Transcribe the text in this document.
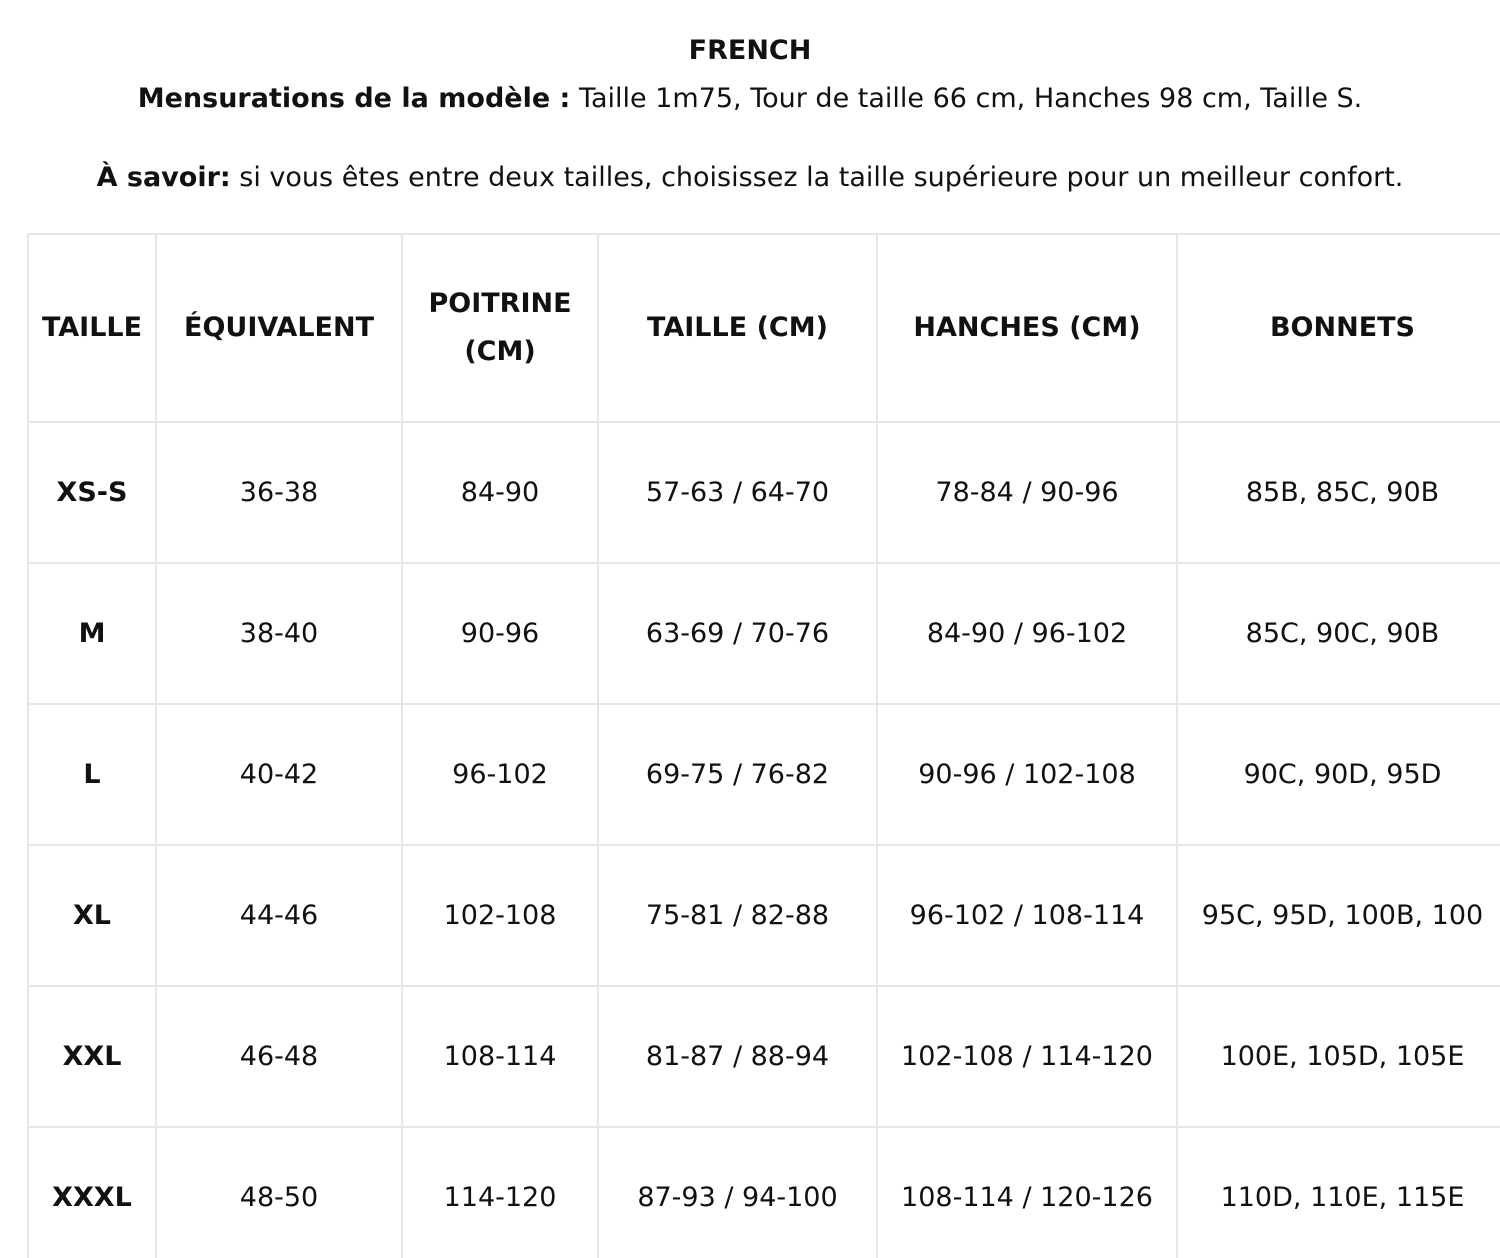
FRENCH
Mensurations de la modèle : Taille 1m75, Tour de taille 66 cm, Hanches 98 cm, Taille S.
À savoir: si vous êtes entre deux tailles, choisissez la taille supérieure pour un meilleur confort.
TAILLE	ÉQUIVALENT	POITRINE (CM)	TAILLE (CM)	HANCHES (CM)	BONNETS
XS-S	36-38	84-90	57-63 / 64-70	78-84 / 90-96	85B, 85C, 90B
M	38-40	90-96	63-69 / 70-76	84-90 / 96-102	85C, 90C, 90B
L	40-42	96-102	69-75 / 76-82	90-96 / 102-108	90C, 90D, 95D
XL	44-46	102-108	75-81 / 82-88	96-102 / 108-114	95C, 95D, 100B, 100
XXL	46-48	108-114	81-87 / 88-94	102-108 / 114-120	100E, 105D, 105E
XXXL	48-50	114-120	87-93 / 94-100	108-114 / 120-126	110D, 110E, 115E
